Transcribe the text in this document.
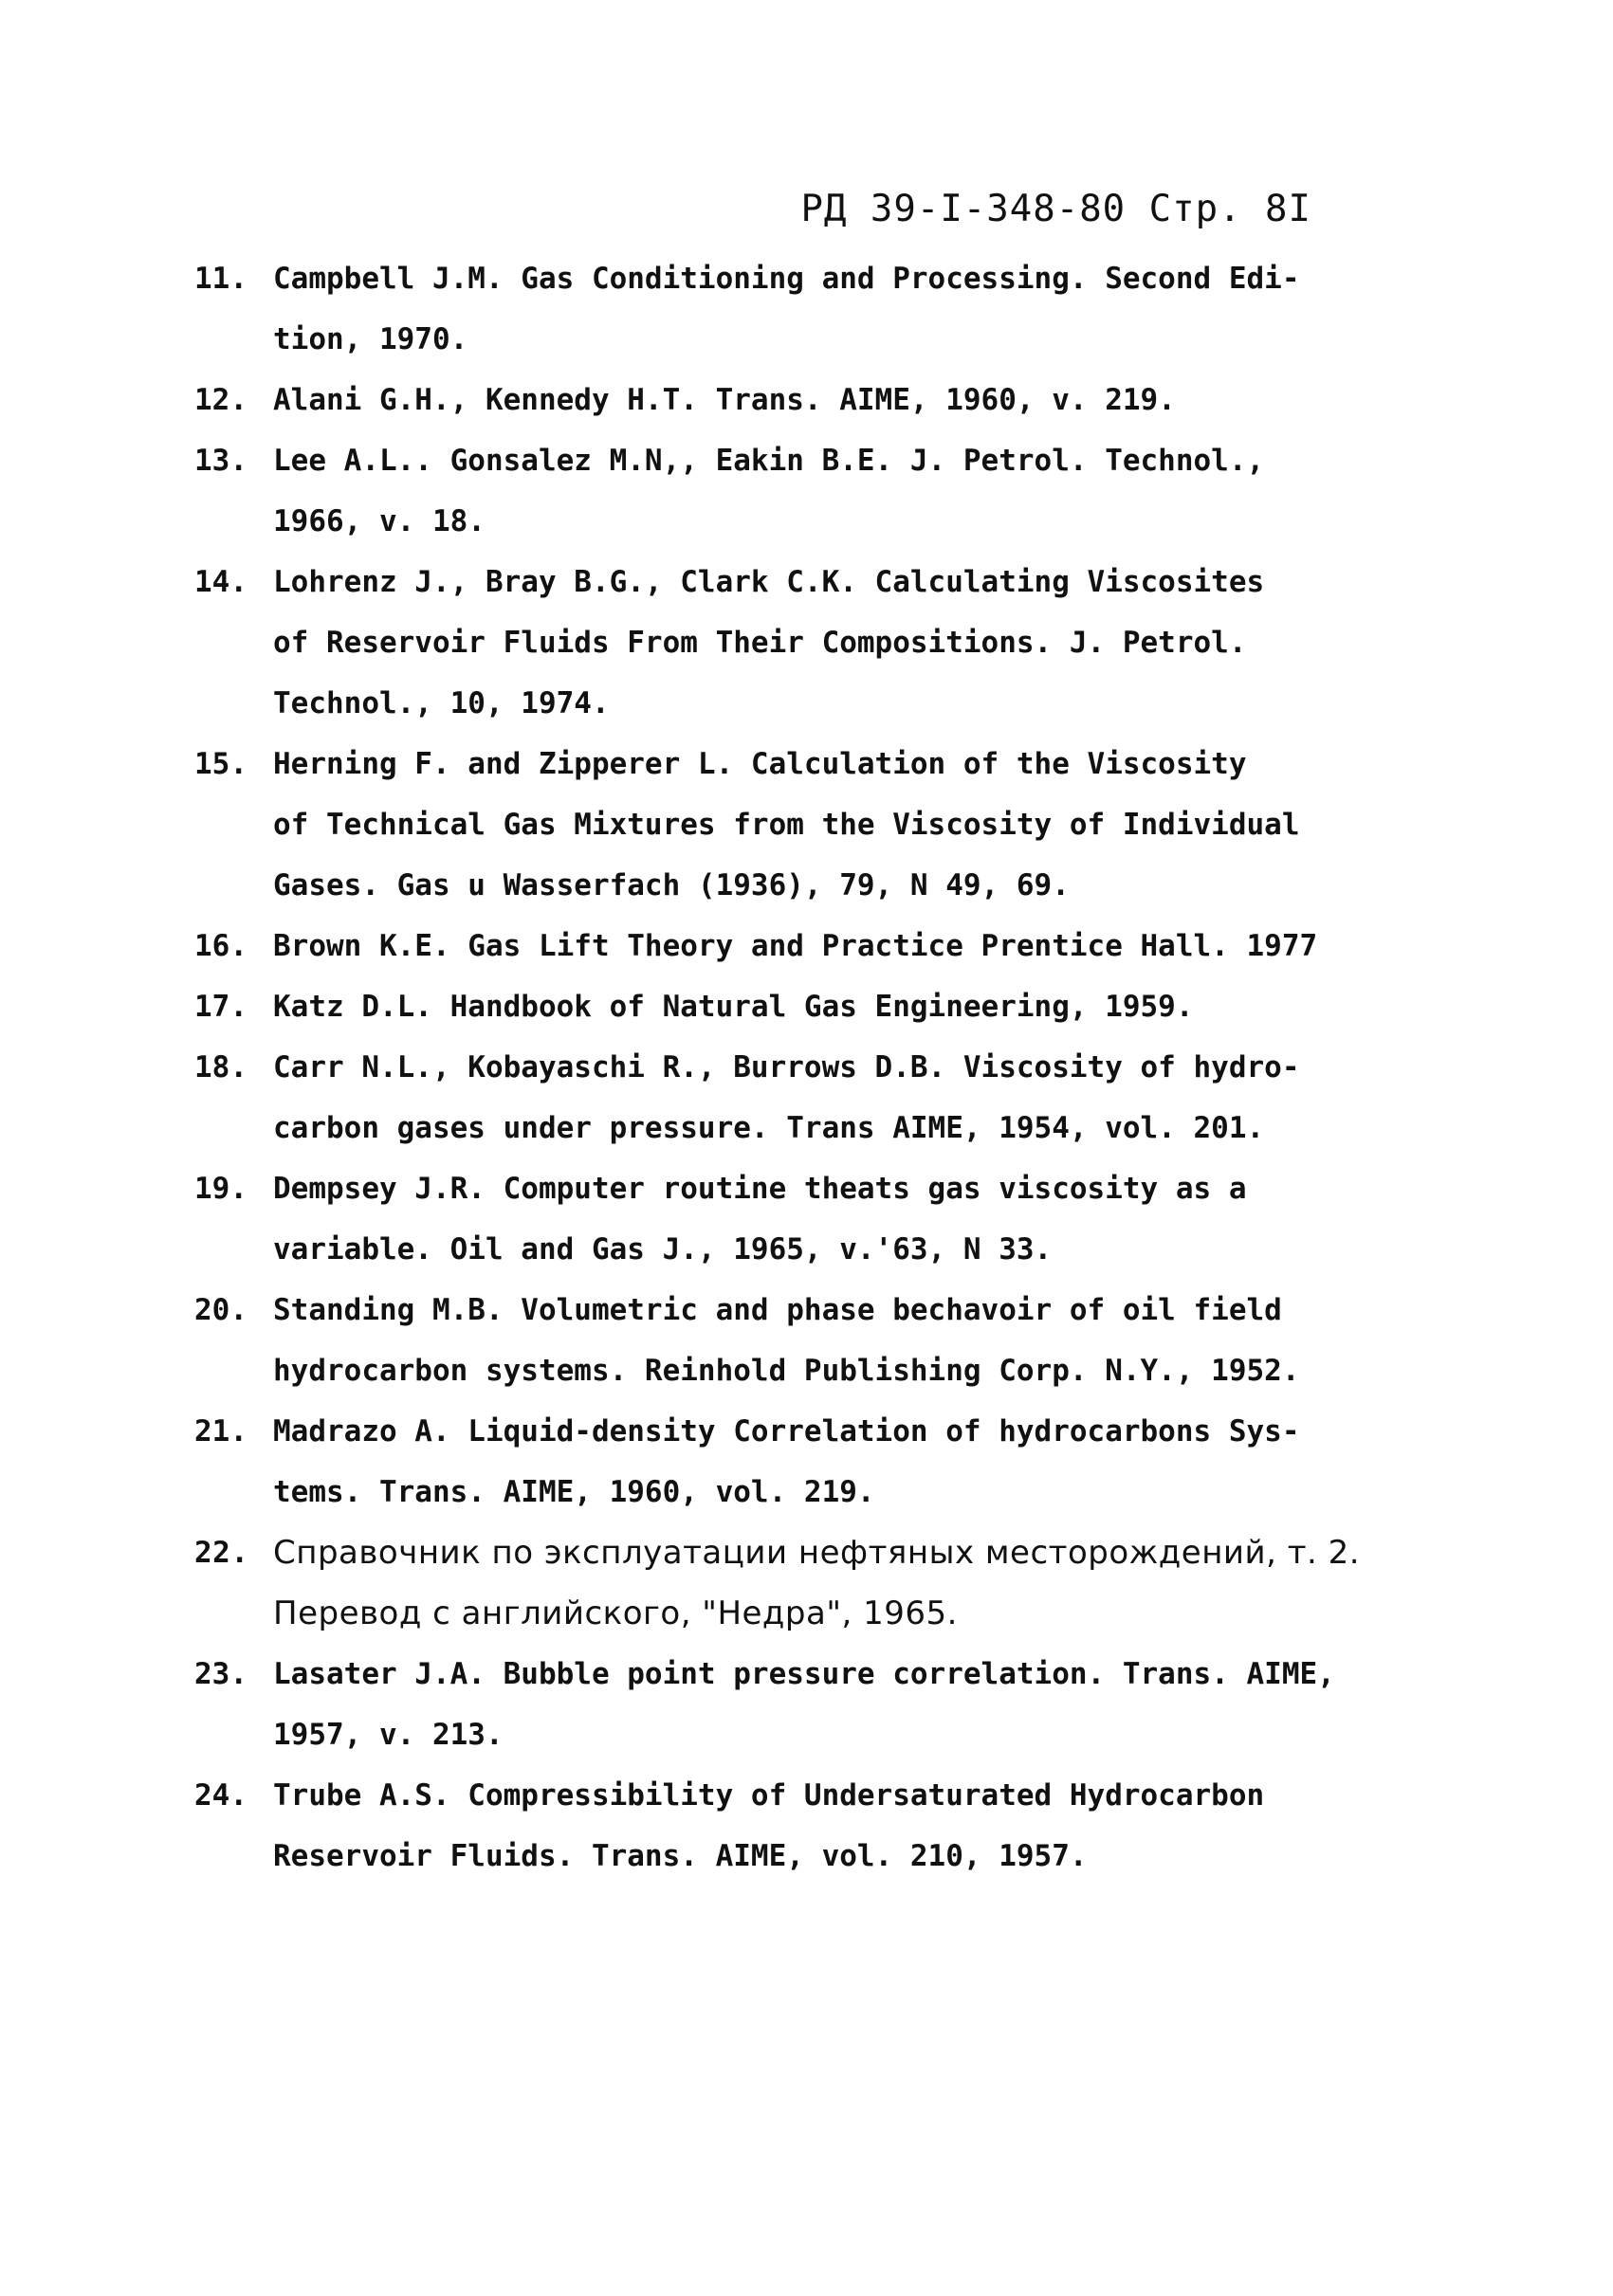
РД 39-I-348-80 Стр. 8I
11. Campbell J.M. Gas Conditioning and Processing. Second Edi-
tion, 1970.
12. Alani G.H., Kennedy H.T. Trans. AIME, 1960, v. 219.
13. Lee A.L.. Gonsalez M.N,, Eakin B.E. J. Petrol. Technol.,
1966, v. 18.
14. Lohrenz J., Bray B.G., Clark C.K. Calculating Viscosites
of Reservoir Fluids From Their Compositions. J. Petrol.
Technol., 10, 1974.
15. Herning F. and Zipperer L. Calculation of the Viscosity
of Technical Gas Mixtures from the Viscosity of Individual
Gases. Gas u Wasserfach (1936), 79, N 49, 69.
16. Brown K.E. Gas Lift Theory and Practice Prentice Hall. 1977
17. Katz D.L. Handbook of Natural Gas Engineering, 1959.
18. Carr N.L., Kobayaschi R., Burrows D.B. Viscosity of hydro-
carbon gases under pressure. Trans AIME, 1954, vol. 201.
19. Dempsey J.R. Computer routine theats gas viscosity as a
variable. Oil and Gas J., 1965, v.'63, N 33.
20. Standing M.B. Volumetric and phase bechavoir of oil field
hydrocarbon systems. Reinhold Publishing Corp. N.Y., 1952.
21. Madrazo A. Liquid-density Correlation of hydrocarbons Sys-
tems. Trans. AIME, 1960, vol. 219.
22. Справочник по эксплуатации нефтяных месторождений, т. 2.
Перевод с английского, "Недра", 1965.
23. Lasater J.A. Bubble point pressure correlation. Trans. AIME,
1957, v. 213.
24. Trube A.S. Compressibility of Undersaturated Hydrocarbon
Reservoir Fluids. Trans. AIME, vol. 210, 1957.
